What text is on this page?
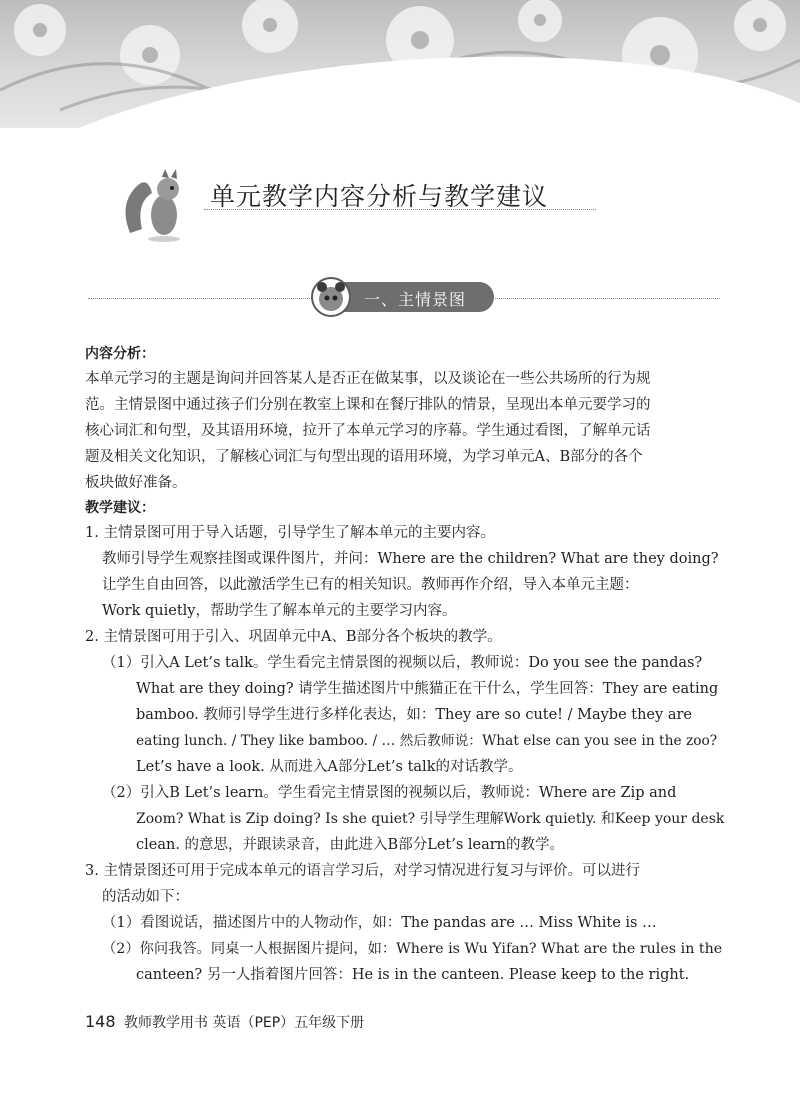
单元教学内容分析与教学建议
一、主情景图
内容分析：
本单元学习的主题是询问并回答某人是否正在做某事，以及谈论在一些公共场所的行为规
范。主情景图中通过孩子们分别在教室上课和在餐厅排队的情景，呈现出本单元要学习的
核心词汇和句型，及其语用环境，拉开了本单元学习的序幕。学生通过看图，了解单元话
题及相关文化知识，了解核心词汇与句型出现的语用环境，为学习单元A、B部分的各个
板块做好准备。
教学建议：
1. 主情景图可用于导入话题，引导学生了解本单元的主要内容。
教师引导学生观察挂图或课件图片，并问：Where are the children? What are they doing?
让学生自由回答，以此激活学生已有的相关知识。教师再作介绍，导入本单元主题：
Work quietly，帮助学生了解本单元的主要学习内容。
2. 主情景图可用于引入、巩固单元中A、B部分各个板块的教学。
（1）引入A Let’s talk。学生看完主情景图的视频以后，教师说：Do you see the pandas?
What are they doing? 请学生描述图片中熊猫正在干什么，学生回答：They are eating
bamboo. 教师引导学生进行多样化表达，如：They are so cute! / Maybe they are
eating lunch. / They like bamboo. / … 然后教师说：What else can you see in the zoo?
Let’s have a look. 从而进入A部分Let’s talk的对话教学。
（2）引入B Let’s learn。学生看完主情景图的视频以后，教师说：Where are Zip and
Zoom? What is Zip doing? Is she quiet? 引导学生理解Work quietly. 和Keep your desk
clean. 的意思，并跟读录音，由此进入B部分Let’s learn的教学。
3. 主情景图还可用于完成本单元的语言学习后，对学习情况进行复习与评价。可以进行
的活动如下：
（1）看图说话，描述图片中的人物动作，如：The pandas are … Miss White is …
（2）你问我答。同桌一人根据图片提问，如：Where is Wu Yifan? What are the rules in the
canteen? 另一人指着图片回答：He is in the canteen. Please keep to the right.
148 教师教学用书 英语（PEP）五年级下册
